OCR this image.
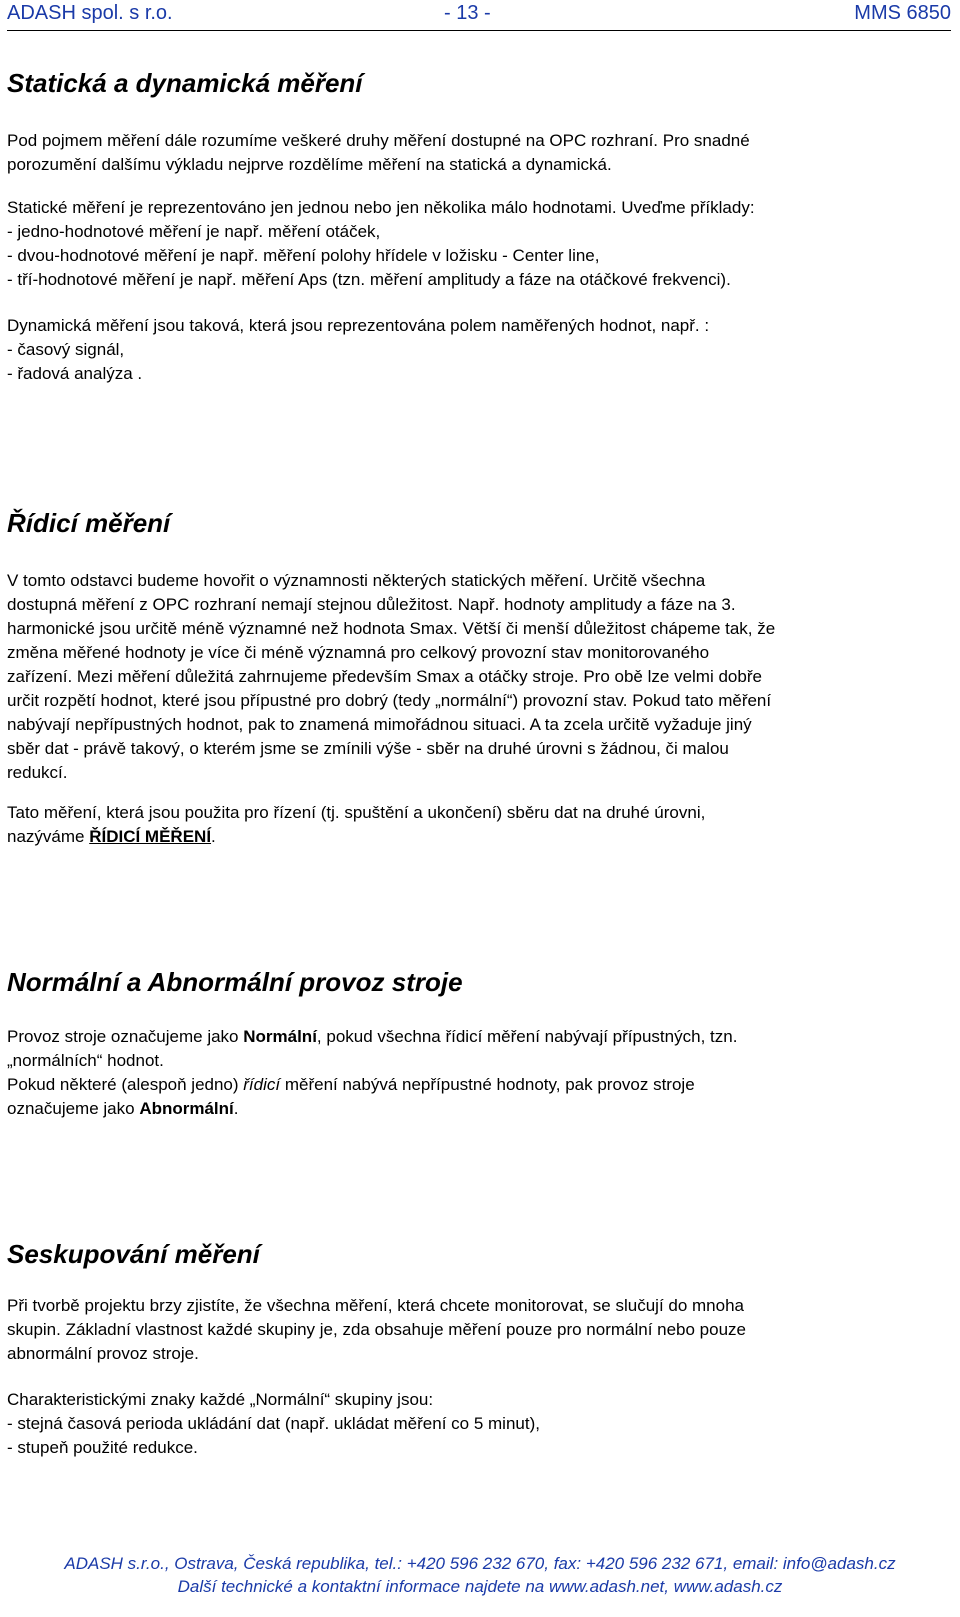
ADASH spol. s r.o.	- 13 -	MMS 6850
Statická a dynamická měření
Pod pojmem měření dále rozumíme veškeré druhy měření dostupné na OPC rozhraní. Pro snadné
porozumění dalšímu výkladu nejprve rozdělíme měření na statická a dynamická.
Statické měření je reprezentováno jen jednou nebo jen několika málo hodnotami. Uveďme příklady:
- jedno-hodnotové měření je např. měření otáček,
- dvou-hodnotové měření je např. měření polohy hřídele v ložisku - Center line,
- tří-hodnotové měření je např. měření Aps (tzn. měření amplitudy a fáze na otáčkové frekvenci).
Dynamická měření jsou taková, která jsou reprezentována polem naměřených hodnot, např. :
- časový signál,
- řadová analýza .
Řídicí měření
V tomto odstavci budeme hovořit o významnosti některých statických měření. Určitě všechna
dostupná měření z OPC rozhraní nemají stejnou důležitost. Např. hodnoty amplitudy a fáze na 3.
harmonické jsou určitě méně významné než hodnota Smax. Větší či menší důležitost chápeme tak, že
změna měřené hodnoty je více či méně významná pro celkový provozní stav monitorovaného
zařízení. Mezi měření důležitá zahrnujeme především Smax a otáčky stroje. Pro obě lze velmi dobře
určit rozpětí hodnot, které jsou přípustné pro dobrý (tedy „normální“) provozní stav. Pokud tato měření
nabývají nepřípustných hodnot, pak to znamená mimořádnou situaci. A ta zcela určitě vyžaduje jiný
sběr dat - právě takový, o kterém jsme se zmínili výše - sběr na druhé úrovni s žádnou, či malou
redukcí.
Tato měření, která jsou použita pro řízení (tj. spuštění a ukončení) sběru dat na druhé úrovni,
nazýváme ŘÍDICÍ MĚŘENÍ.
Normální a Abnormální provoz stroje
Provoz stroje označujeme jako Normální, pokud všechna řídicí měření nabývají přípustných, tzn.
„normálních“ hodnot.
Pokud některé (alespoň jedno) řídicí měření nabývá nepřípustné hodnoty, pak provoz stroje
označujeme jako Abnormální.
Seskupování měření
Při tvorbě projektu brzy zjistíte, že všechna měření, která chcete monitorovat, se slučují do mnoha
skupin. Základní vlastnost každé skupiny je, zda obsahuje měření pouze pro normální nebo pouze
abnormální provoz stroje.
Charakteristickými znaky každé „Normální“ skupiny jsou:
- stejná časová perioda ukládání dat (např. ukládat měření co 5 minut),
- stupeň použité redukce.
ADASH s.r.o., Ostrava, Česká republika, tel.: +420 596 232 670, fax: +420 596 232 671, email: info@adash.cz
Další technické a kontaktní informace najdete na www.adash.net, www.adash.cz
